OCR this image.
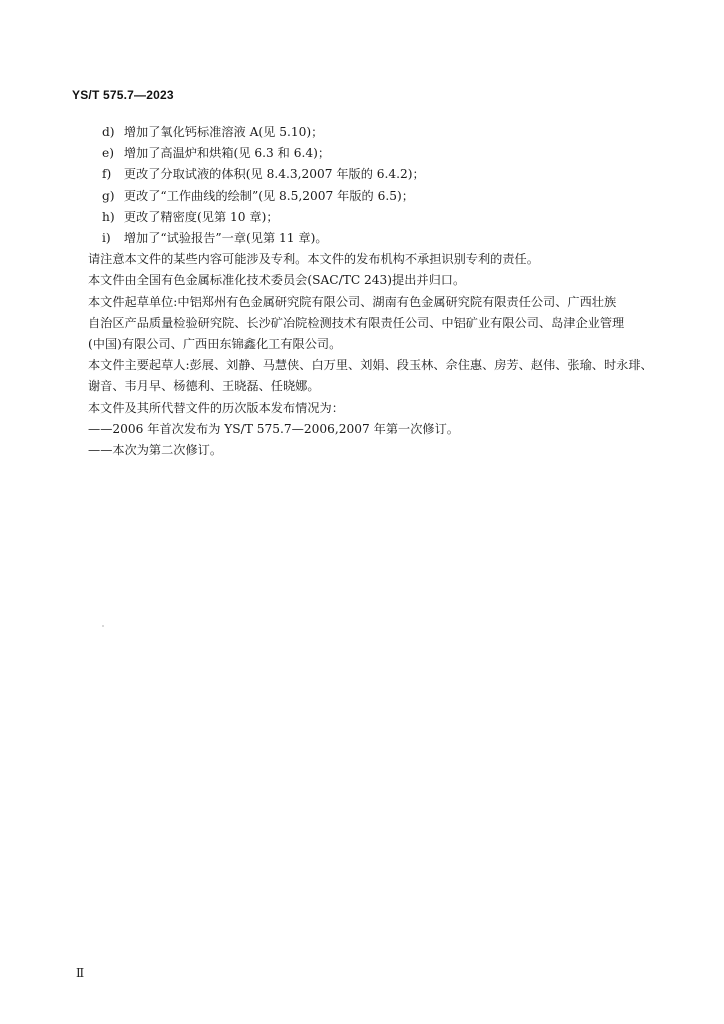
YS/T 575.7—2023

d) 增加了氧化钙标准溶液 A(见 5.10)；

e) 增加了高温炉和烘箱(见 6.3 和 6.4)；

f) 更改了分取试液的体积(见 8.4.3,2007 年版的 6.4.2)；

g) 更改了“工作曲线的绘制”(见 8.5,2007 年版的 6.5)；

h) 更改了精密度(见第 10 章)；

i) 增加了“试验报告”一章(见第 11 章)。

请注意本文件的某些内容可能涉及专利。本文件的发布机构不承担识别专利的责任。

本文件由全国有色金属标准化技术委员会(SAC/TC 243)提出并归口。

本文件起草单位:中铝郑州有色金属研究院有限公司、湖南有色金属研究院有限责任公司、广西壮族

自治区产品质量检验研究院、长沙矿冶院检测技术有限责任公司、中铝矿业有限公司、岛津企业管理

(中国)有限公司、广西田东锦鑫化工有限公司。

本文件主要起草人:彭展、刘静、马慧侠、白万里、刘娟、段玉林、佘住惠、房芳、赵伟、张瑜、时永琲、

谢音、韦月早、杨德利、王晓磊、任晓娜。

本文件及其所代替文件的历次版本发布情况为：

——2006 年首次发布为 YS/T 575.7—2006,2007 年第一次修订。

——本次为第二次修订。

Ⅱ
